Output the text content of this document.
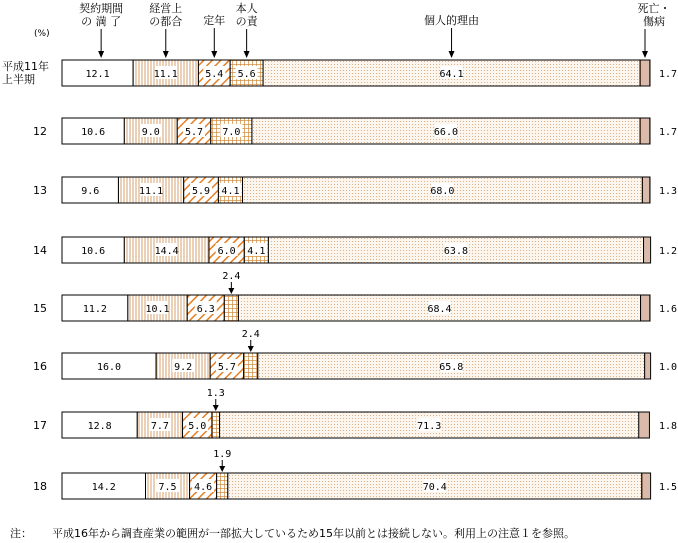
(%)
契約期間
の 満 了
経営上
の都合 定年
本人
の責	個人的理由
死亡・
傷病
平成11年
上半期
12
13
14
15
16
17
18
12.1	11.1	5.4 5.6	64.1	1.7
10.6	9.0	5.7 7.0	66.0	1.7
9.6	11.1	5.9 4.1	68.0	1.3
10.6	14.4	6.0 4.1	63.8	1.2
11.2	10.1	6.3
2.4
68.4	1.6
16.0	9.2	5.7
2.4
65.8	1.0
12.8	7.7 5.0
1.3
71.3	1.8
14.2	7.5 4.6
1.9
70.4	1.5
注： 平成16年から調査産業の範囲が一部拡大しているため15年以前とは接続しない。利用上の注意１を参照。
